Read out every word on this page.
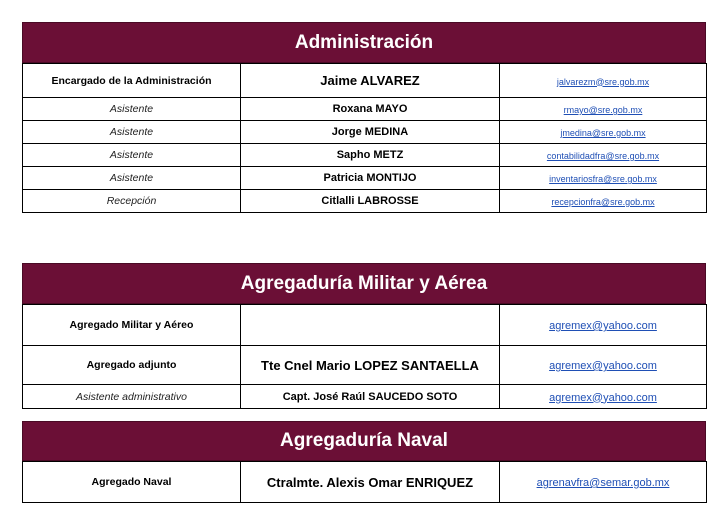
Administración
Encargado de la Administración	Jaime ALVAREZ	jalvarezm@sre.gob.mx
Asistente	Roxana MAYO	rmayo@sre.gob.mx
Asistente	Jorge MEDINA	jmedina@sre.gob.mx
Asistente	Sapho METZ	contabilidadfra@sre.gob.mx
Asistente	Patricia MONTIJO	inventariosfra@sre.gob.mx
Recepción	Citlalli LABROSSE	recepcionfra@sre.gob.mx
Agregaduría Militar y Aérea
Agregado Militar y Aéreo		agremex@yahoo.com
Agregado adjunto	Tte Cnel Mario LOPEZ SANTAELLA	agremex@yahoo.com
Asistente administrativo	Capt. José Raúl SAUCEDO SOTO	agremex@yahoo.com
Agregaduría Naval
Agregado Naval	Ctralmte. Alexis Omar ENRIQUEZ	agrenavfra@semar.gob.mx
